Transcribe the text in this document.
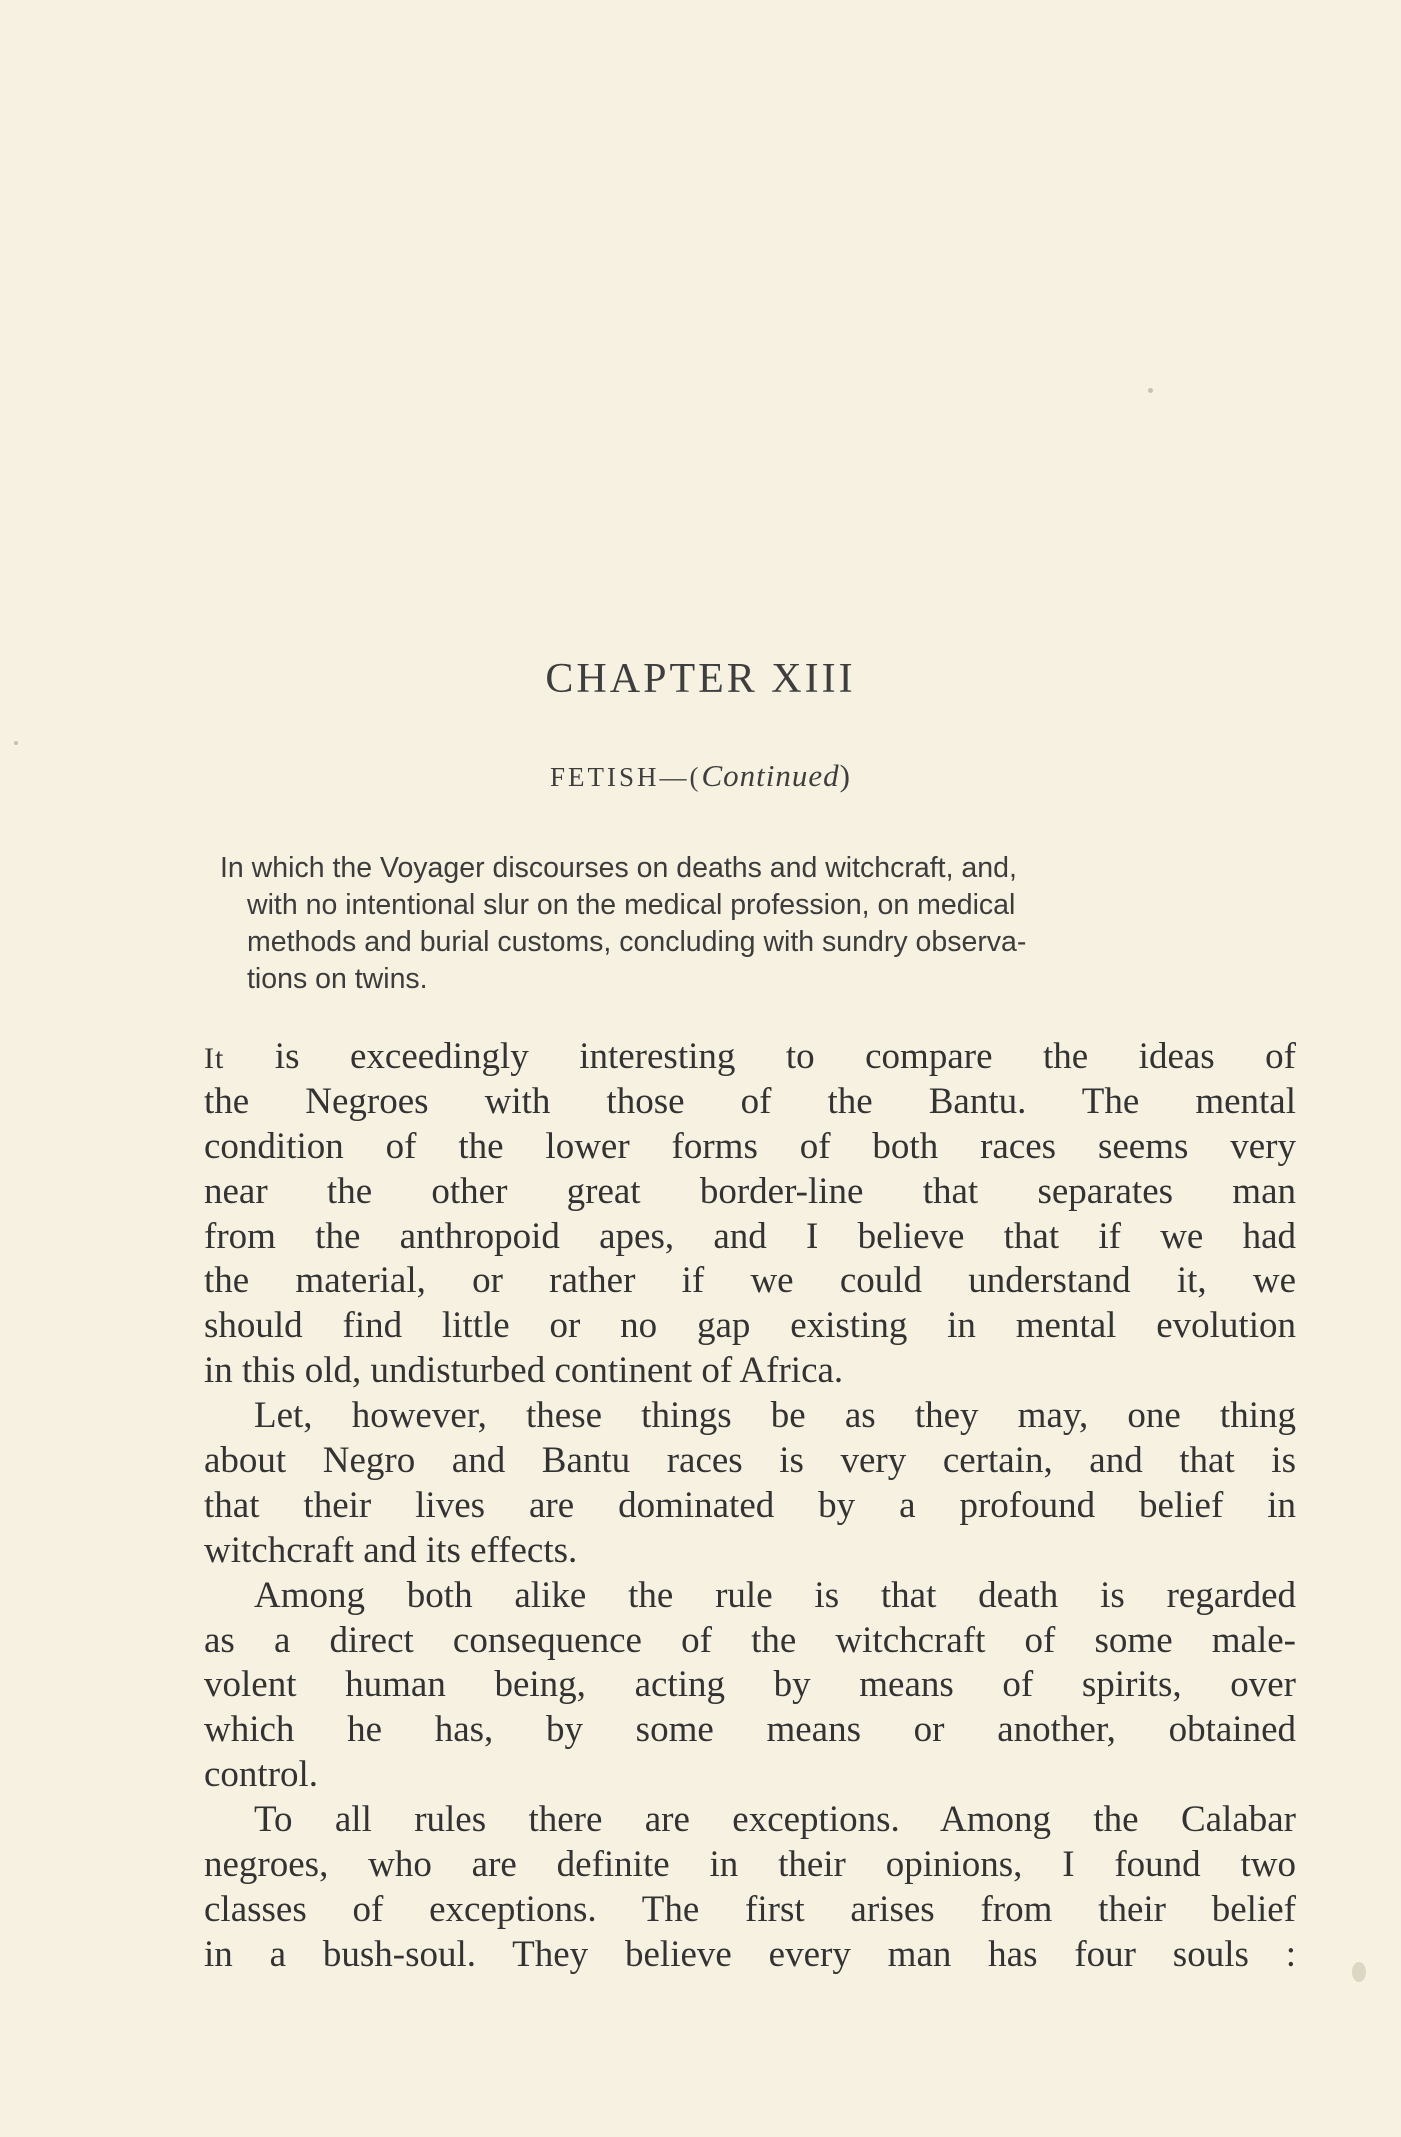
CHAPTER XIII
FETISH—(Continued)
In which the Voyager discourses on deaths and witchcraft, and,
with no intentional slur on the medical profession, on medical
methods and burial customs, concluding with sundry observa-
tions on twins.
It is exceedingly interesting to compare the ideas of
the Negroes with those of the Bantu. The mental
condition of the lower forms of both races seems very
near the other great border-line that separates man
from the anthropoid apes, and I believe that if we had
the material, or rather if we could understand it, we
should find little or no gap existing in mental evolution
in this old, undisturbed continent of Africa.
Let, however, these things be as they may, one thing
about Negro and Bantu races is very certain, and that is
that their lives are dominated by a profound belief in
witchcraft and its effects.
Among both alike the rule is that death is regarded
as a direct consequence of the witchcraft of some male-
volent human being, acting by means of spirits, over
which he has, by some means or another, obtained
control.
To all rules there are exceptions. Among the Calabar
negroes, who are definite in their opinions, I found two
classes of exceptions. The first arises from their belief
in a bush-soul. They believe every man has four souls :
